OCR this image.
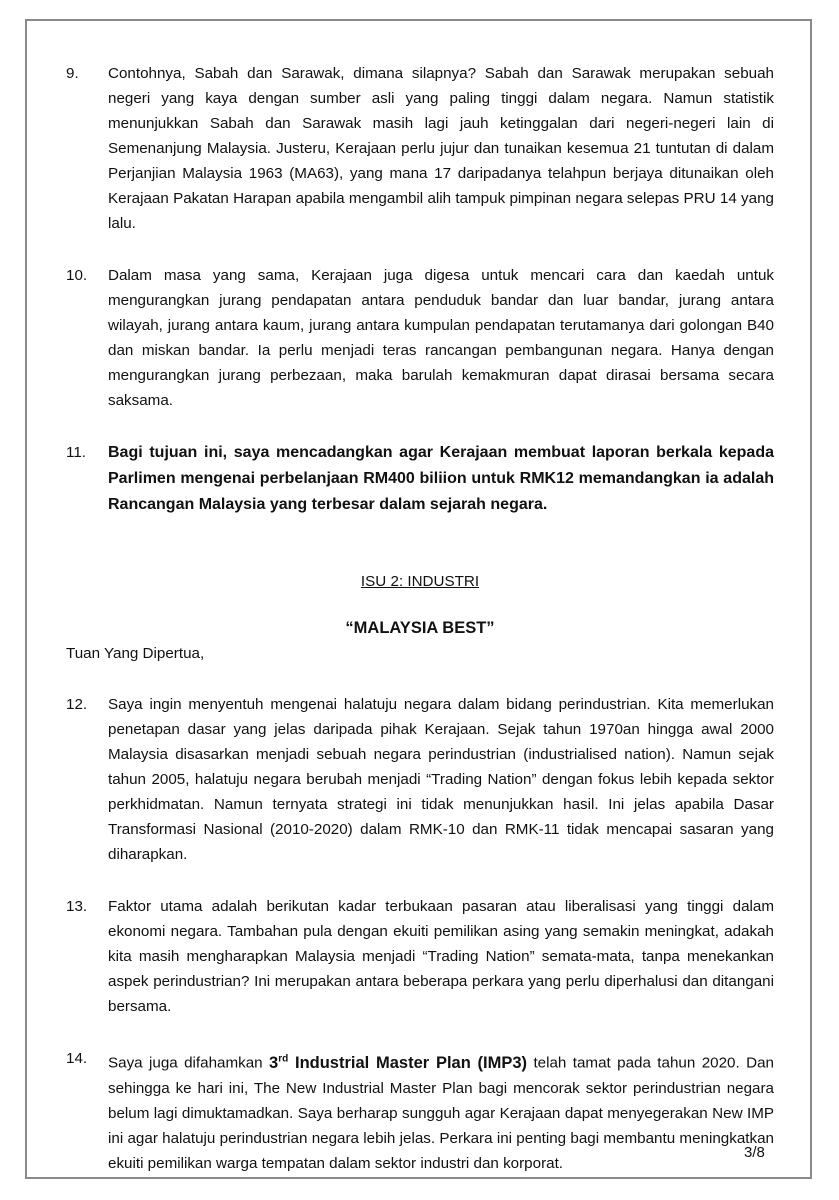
9.	Contohnya, Sabah dan Sarawak, dimana silapnya? Sabah dan Sarawak merupakan sebuah negeri yang kaya dengan sumber asli yang paling tinggi dalam negara. Namun statistik menunjukkan Sabah dan Sarawak masih lagi jauh ketinggalan dari negeri-negeri lain di Semenanjung Malaysia. Justeru, Kerajaan perlu jujur dan tunaikan kesemua 21 tuntutan di dalam Perjanjian Malaysia 1963 (MA63), yang mana 17 daripadanya telahpun berjaya ditunaikan oleh Kerajaan Pakatan Harapan apabila mengambil alih tampuk pimpinan negara selepas PRU 14 yang lalu.
10.	Dalam masa yang sama, Kerajaan juga digesa untuk mencari cara dan kaedah untuk mengurangkan jurang pendapatan antara penduduk bandar dan luar bandar, jurang antara wilayah, jurang antara kaum, jurang antara kumpulan pendapatan terutamanya dari golongan B40 dan miskan bandar. Ia perlu menjadi teras rancangan pembangunan negara. Hanya dengan mengurangkan jurang perbezaan, maka barulah kemakmuran dapat dirasai bersama secara saksama.
11.	Bagi tujuan ini, saya mencadangkan agar Kerajaan membuat laporan berkala kepada Parlimen mengenai perbelanjaan RM400 biliion untuk RMK12 memandangkan ia adalah Rancangan Malaysia yang terbesar dalam sejarah negara.
ISU 2: INDUSTRI
“MALAYSIA BEST”
Tuan Yang Dipertua,
12.	Saya ingin menyentuh mengenai halatuju negara dalam bidang perindustrian. Kita memerlukan penetapan dasar yang jelas daripada pihak Kerajaan. Sejak tahun 1970an hingga awal 2000 Malaysia disasarkan menjadi sebuah negara perindustrian (industrialised nation). Namun sejak tahun 2005, halatuju negara berubah menjadi “Trading Nation” dengan fokus lebih kepada sektor perkhidmatan. Namun ternyata strategi ini tidak menunjukkan hasil. Ini jelas apabila Dasar Transformasi Nasional (2010-2020) dalam RMK-10 dan RMK-11 tidak mencapai sasaran yang diharapkan.
13.	Faktor utama adalah berikutan kadar terbukaan pasaran atau liberalisasi yang tinggi dalam ekonomi negara. Tambahan pula dengan ekuiti pemilikan asing yang semakin meningkat, adakah kita masih mengharapkan Malaysia menjadi “Trading Nation” semata-mata, tanpa menekankan aspek perindustrian? Ini merupakan antara beberapa perkara yang perlu diperhalusi dan ditangani bersama.
14.	Saya juga difahamkan 3rd Industrial Master Plan (IMP3) telah tamat pada tahun 2020. Dan sehingga ke hari ini, The New Industrial Master Plan bagi mencorak sektor perindustrian negara belum lagi dimuktamadkan. Saya berharap sungguh agar Kerajaan dapat menyegerakan New IMP ini agar halatuju perindustrian negara lebih jelas. Perkara ini penting bagi membantu meningkatkan ekuiti pemilikan warga tempatan dalam sektor industri dan korporat.
3/8
